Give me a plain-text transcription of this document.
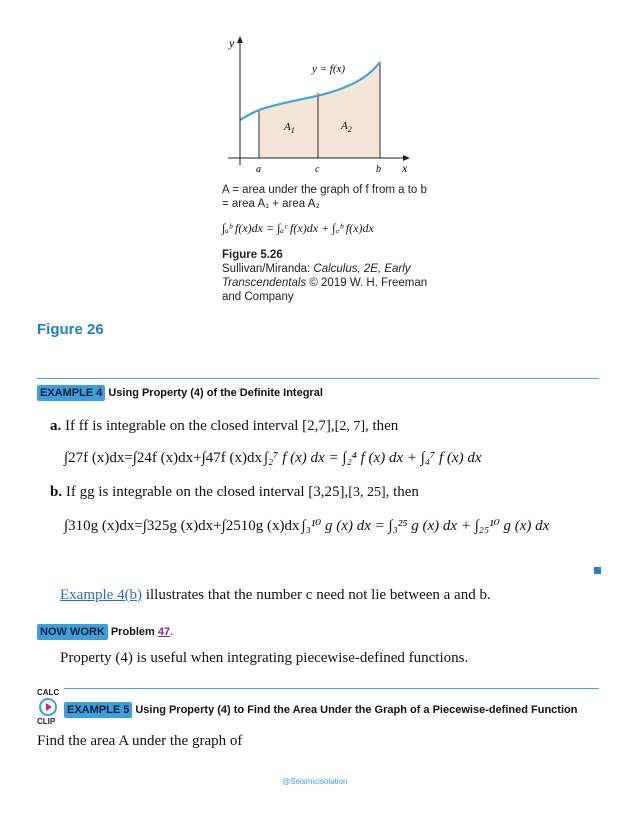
y
x
y = f(x)
$A_1$	$A_2$
a	c	b
A = area under the graph of f from a to b
= area A₁ + area A₂
∫ₐᵇ f(x)dx = ∫ₐᶜ f(x)dx + ∫꜀ᵇ f(x)dx
Figure 5.26
Sullivan/Miranda: Calculus, 2E, Early
Transcendentals © 2019 W. H. Freeman
and Company
Figure 26
EXAMPLE 4 Using Property (4) of the Definite Integral
a. If ff is integrable on the closed interval [2,7],[2, 7], then
∫27f (x)dx=∫24f (x)dx+∫47f (x)dx ∫₂⁷ f (x) dx = ∫₂⁴ f (x) dx + ∫₄⁷ f (x) dx
b. If gg is integrable on the closed interval [3,25],[3, 25], then
∫310g (x)dx=∫325g (x)dx+∫2510g (x)dx ∫₃¹⁰ g (x) dx = ∫₃²⁵ g (x) dx + ∫₂₅¹⁰ g (x) dx
Example 4(b) illustrates that the number c need not lie between a and b.
NOW WORK Problem 47.
Property (4) is useful when integrating piecewise-defined functions.
CALC
CLIP
EXAMPLE 5 Using Property (4) to Find the Area Under the Graph of a Piecewise-defined Function
Find the area A under the graph of
@Seismicisolation
